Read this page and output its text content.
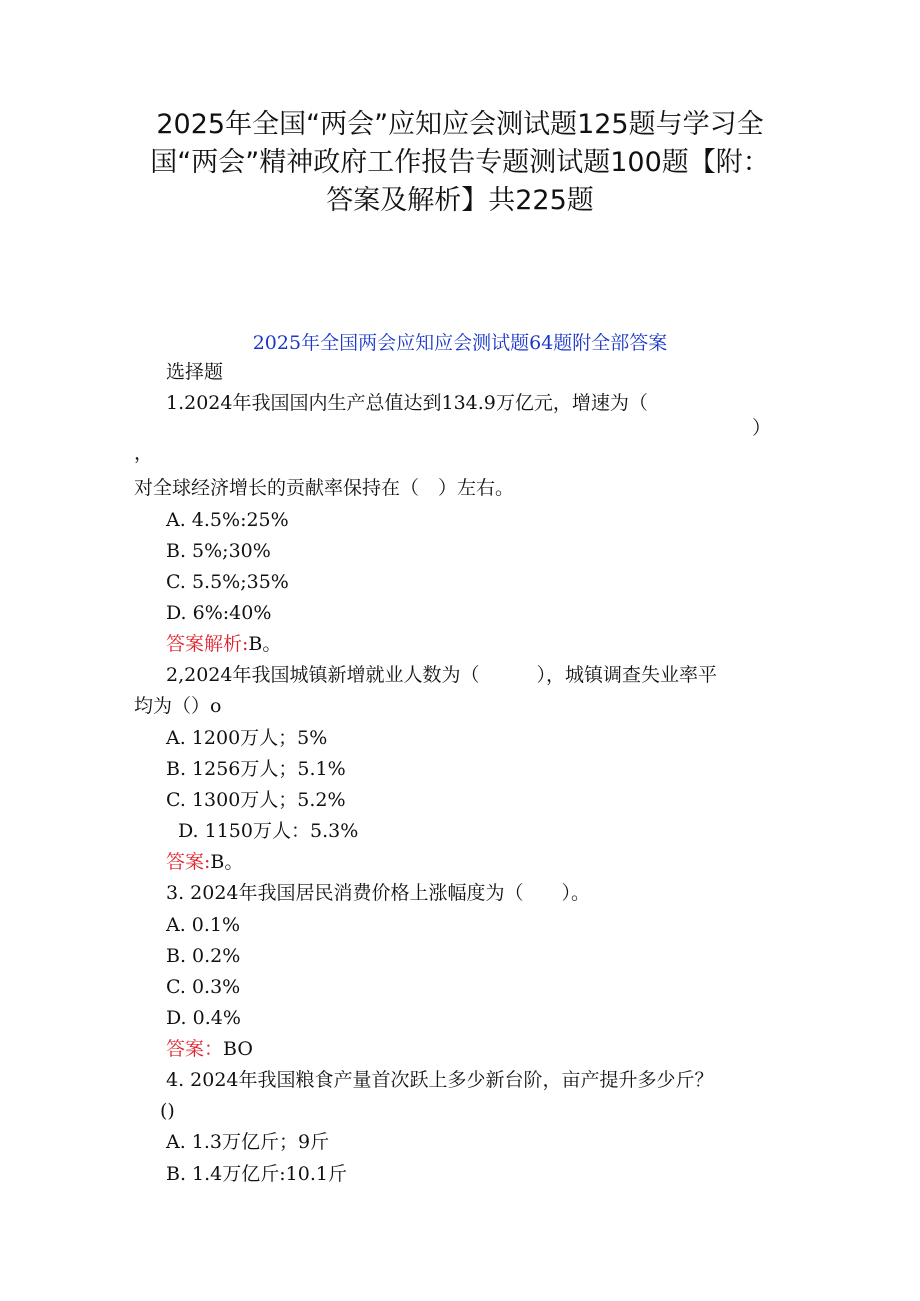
2025年全国“两会”应知应会测试题125题与学习全
国“两会”精神政府工作报告专题测试题100题【附：
答案及解析】共225题
2025年全国两会应知应会测试题64题附全部答案
选择题
1.2024年我国国内生产总值达到134.9万亿元，增速为（
）
，
对全球经济增长的贡献率保持在（　）左右。
A. 4.5%:25%
B. 5%;30%
C. 5.5%;35%
D. 6%:40%
答案解析:B。
2,2024年我国城镇新增就业人数为（　　　），城镇调查失业率平
均为（）o
A. 1200万人；5%
B. 1256万人；5.1%
C. 1300万人；5.2%
D. 1150万人：5.3%
答案:B。
3. 2024年我国居民消费价格上涨幅度为（　　）。
A. 0.1%
B. 0.2%
C. 0.3%
D. 0.4%
答案：BO
4. 2024年我国粮食产量首次跃上多少新台阶，亩产提升多少斤？
()
A. 1.3万亿斤；9斤
B. 1.4万亿斤:10.1斤
